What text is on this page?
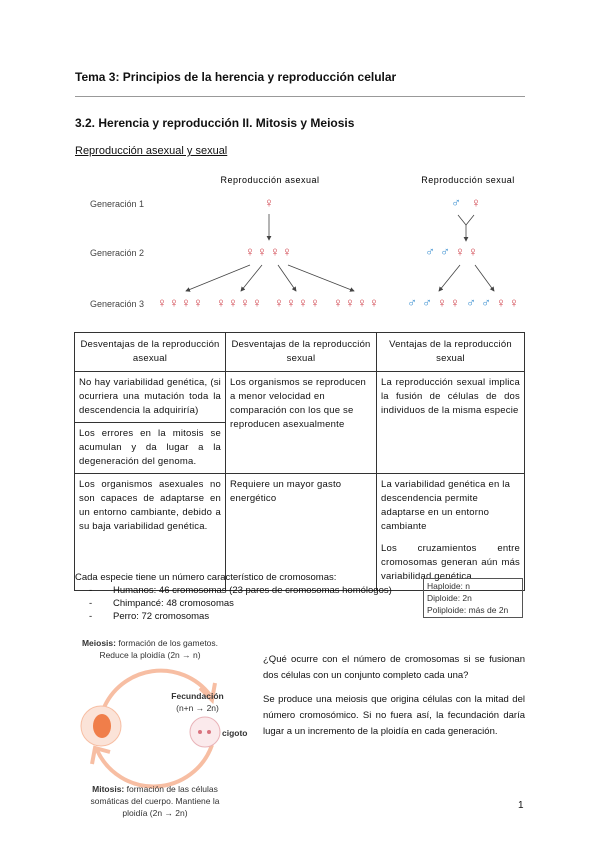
Tema 3: Principios de la herencia y reproducción celular
3.2. Herencia y reproducción II. Mitosis y Meiosis
Reproducción asexual y sexual
Reproducción asexual	Reproducción sexual
Generación 1
Generación 2
Generación 3
♀	♂ ♀
♀ ♀ ♀ ♀	♂ ♂ ♀ ♀
♀ ♀ ♀ ♀ ♀ ♀ ♀ ♀ ♀ ♀ ♀ ♀ ♀ ♀ ♀ ♀ ♂ ♂ ♀ ♀ ♂ ♂ ♀ ♀
Desventajas de la reproducción asexual	Desventajas de la reproducción sexual	Ventajas de la reproducción sexual
No hay variabilidad genética, (si ocurriera una mutación toda la descendencia la adquiriría)	Los organismos se reproducen a menor velocidad en comparación con los que se reproducen asexualmente	La reproducción sexual implica la fusión de células de dos individuos de la misma especie
Los errores en la mitosis se acumulan y da lugar a la degeneración del genoma.		
Los organismos asexuales no son capaces de adaptarse en un entorno cambiante, debido a su baja variabilidad genética.	Requiere un mayor gasto energético	La variabilidad genética en la descendencia permite adaptarse en un entorno cambiante
Los cruzamientos entre cromosomas generan aún más variabilidad genética.
Cada especie tiene un número característico de cromosomas:
- Humanos: 46 cromosomas (23 pares de cromosomas homólogos)
- Chimpancé: 48 cromosomas
- Perro: 72 cromosomas
Haploide: n
Diploide: 2n
Poliploide: más de 2n
Meiosis: formación de los gametos. Reduce la ploidía (2n → n)
Fecundación
(n+n → 2n)
cigoto
Mitosis: formación de las células somáticas del cuerpo. Mantiene la ploidía (2n → 2n)

¿Qué ocurre con el número de cromosomas si se fusionan dos células con un conjunto completo cada una?

Se produce una meiosis que origina células con la mitad del número cromosómico. Si no fuera así, la fecundación daría lugar a un incremento de la ploidía en cada generación.

1
